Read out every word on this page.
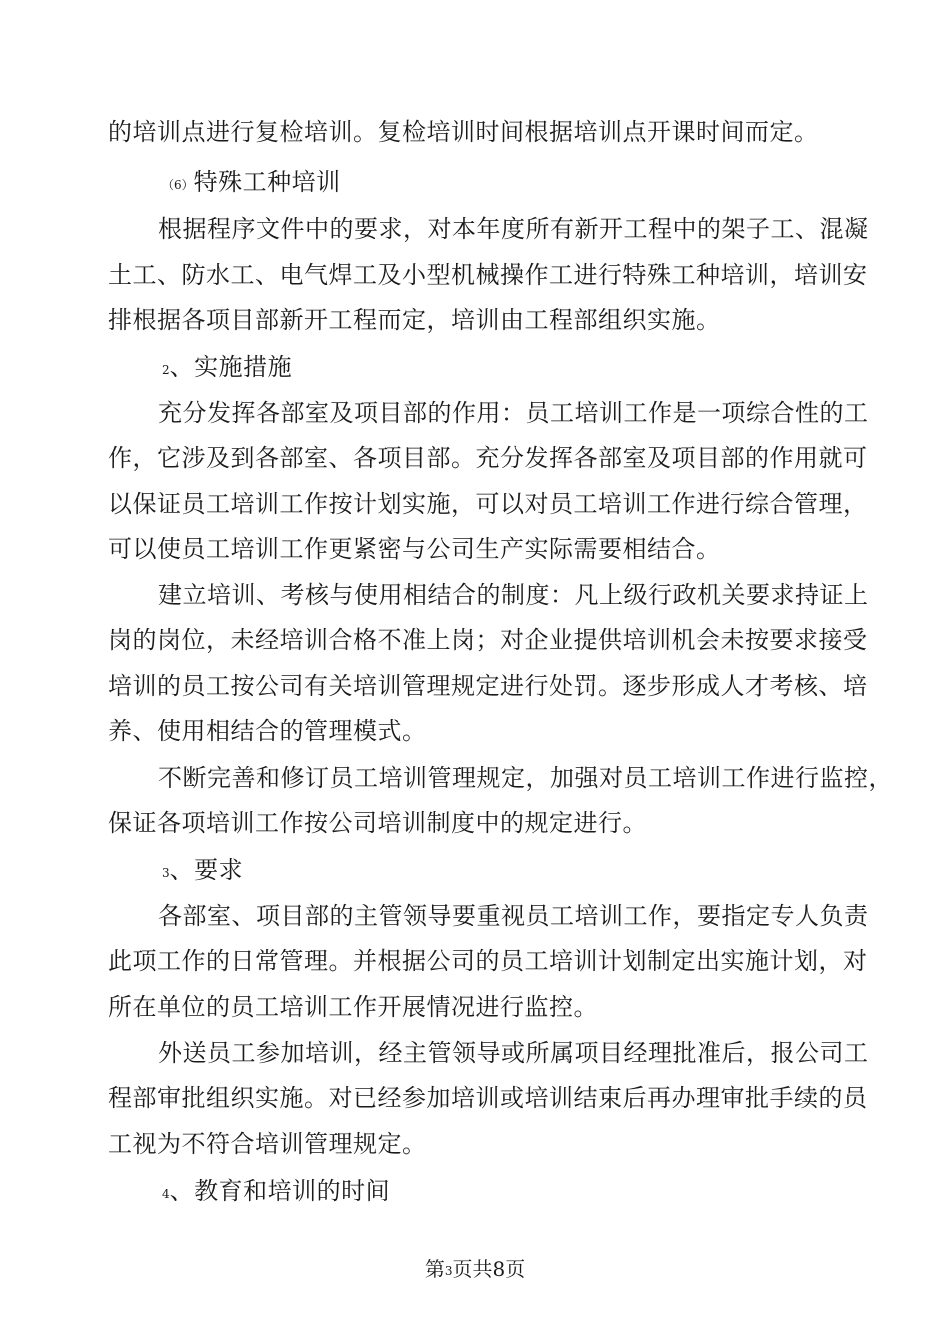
的培训点进行复检培训。复检培训时间根据培训点开课时间而定。
（6）特殊工种培训
根据程序文件中的要求，对本年度所有新开工程中的架子工、混凝
土工、防水工、电气焊工及小型机械操作工进行特殊工种培训，培训安
排根据各项目部新开工程而定，培训由工程部组织实施。
2、实施措施
充分发挥各部室及项目部的作用：员工培训工作是一项综合性的工
作，它涉及到各部室、各项目部。充分发挥各部室及项目部的作用就可
以保证员工培训工作按计划实施，可以对员工培训工作进行综合管理，
可以使员工培训工作更紧密与公司生产实际需要相结合。
建立培训、考核与使用相结合的制度：凡上级行政机关要求持证上
岗的岗位，未经培训合格不准上岗；对企业提供培训机会未按要求接受
培训的员工按公司有关培训管理规定进行处罚。逐步形成人才考核、培
养、使用相结合的管理模式。
不断完善和修订员工培训管理规定，加强对员工培训工作进行监控，
保证各项培训工作按公司培训制度中的规定进行。
3、要求
各部室、项目部的主管领导要重视员工培训工作，要指定专人负责
此项工作的日常管理。并根据公司的员工培训计划制定出实施计划，对
所在单位的员工培训工作开展情况进行监控。
外送员工参加培训，经主管领导或所属项目经理批准后，报公司工
程部审批组织实施。对已经参加培训或培训结束后再办理审批手续的员
工视为不符合培训管理规定。
4、教育和培训的时间
第3页共8页
